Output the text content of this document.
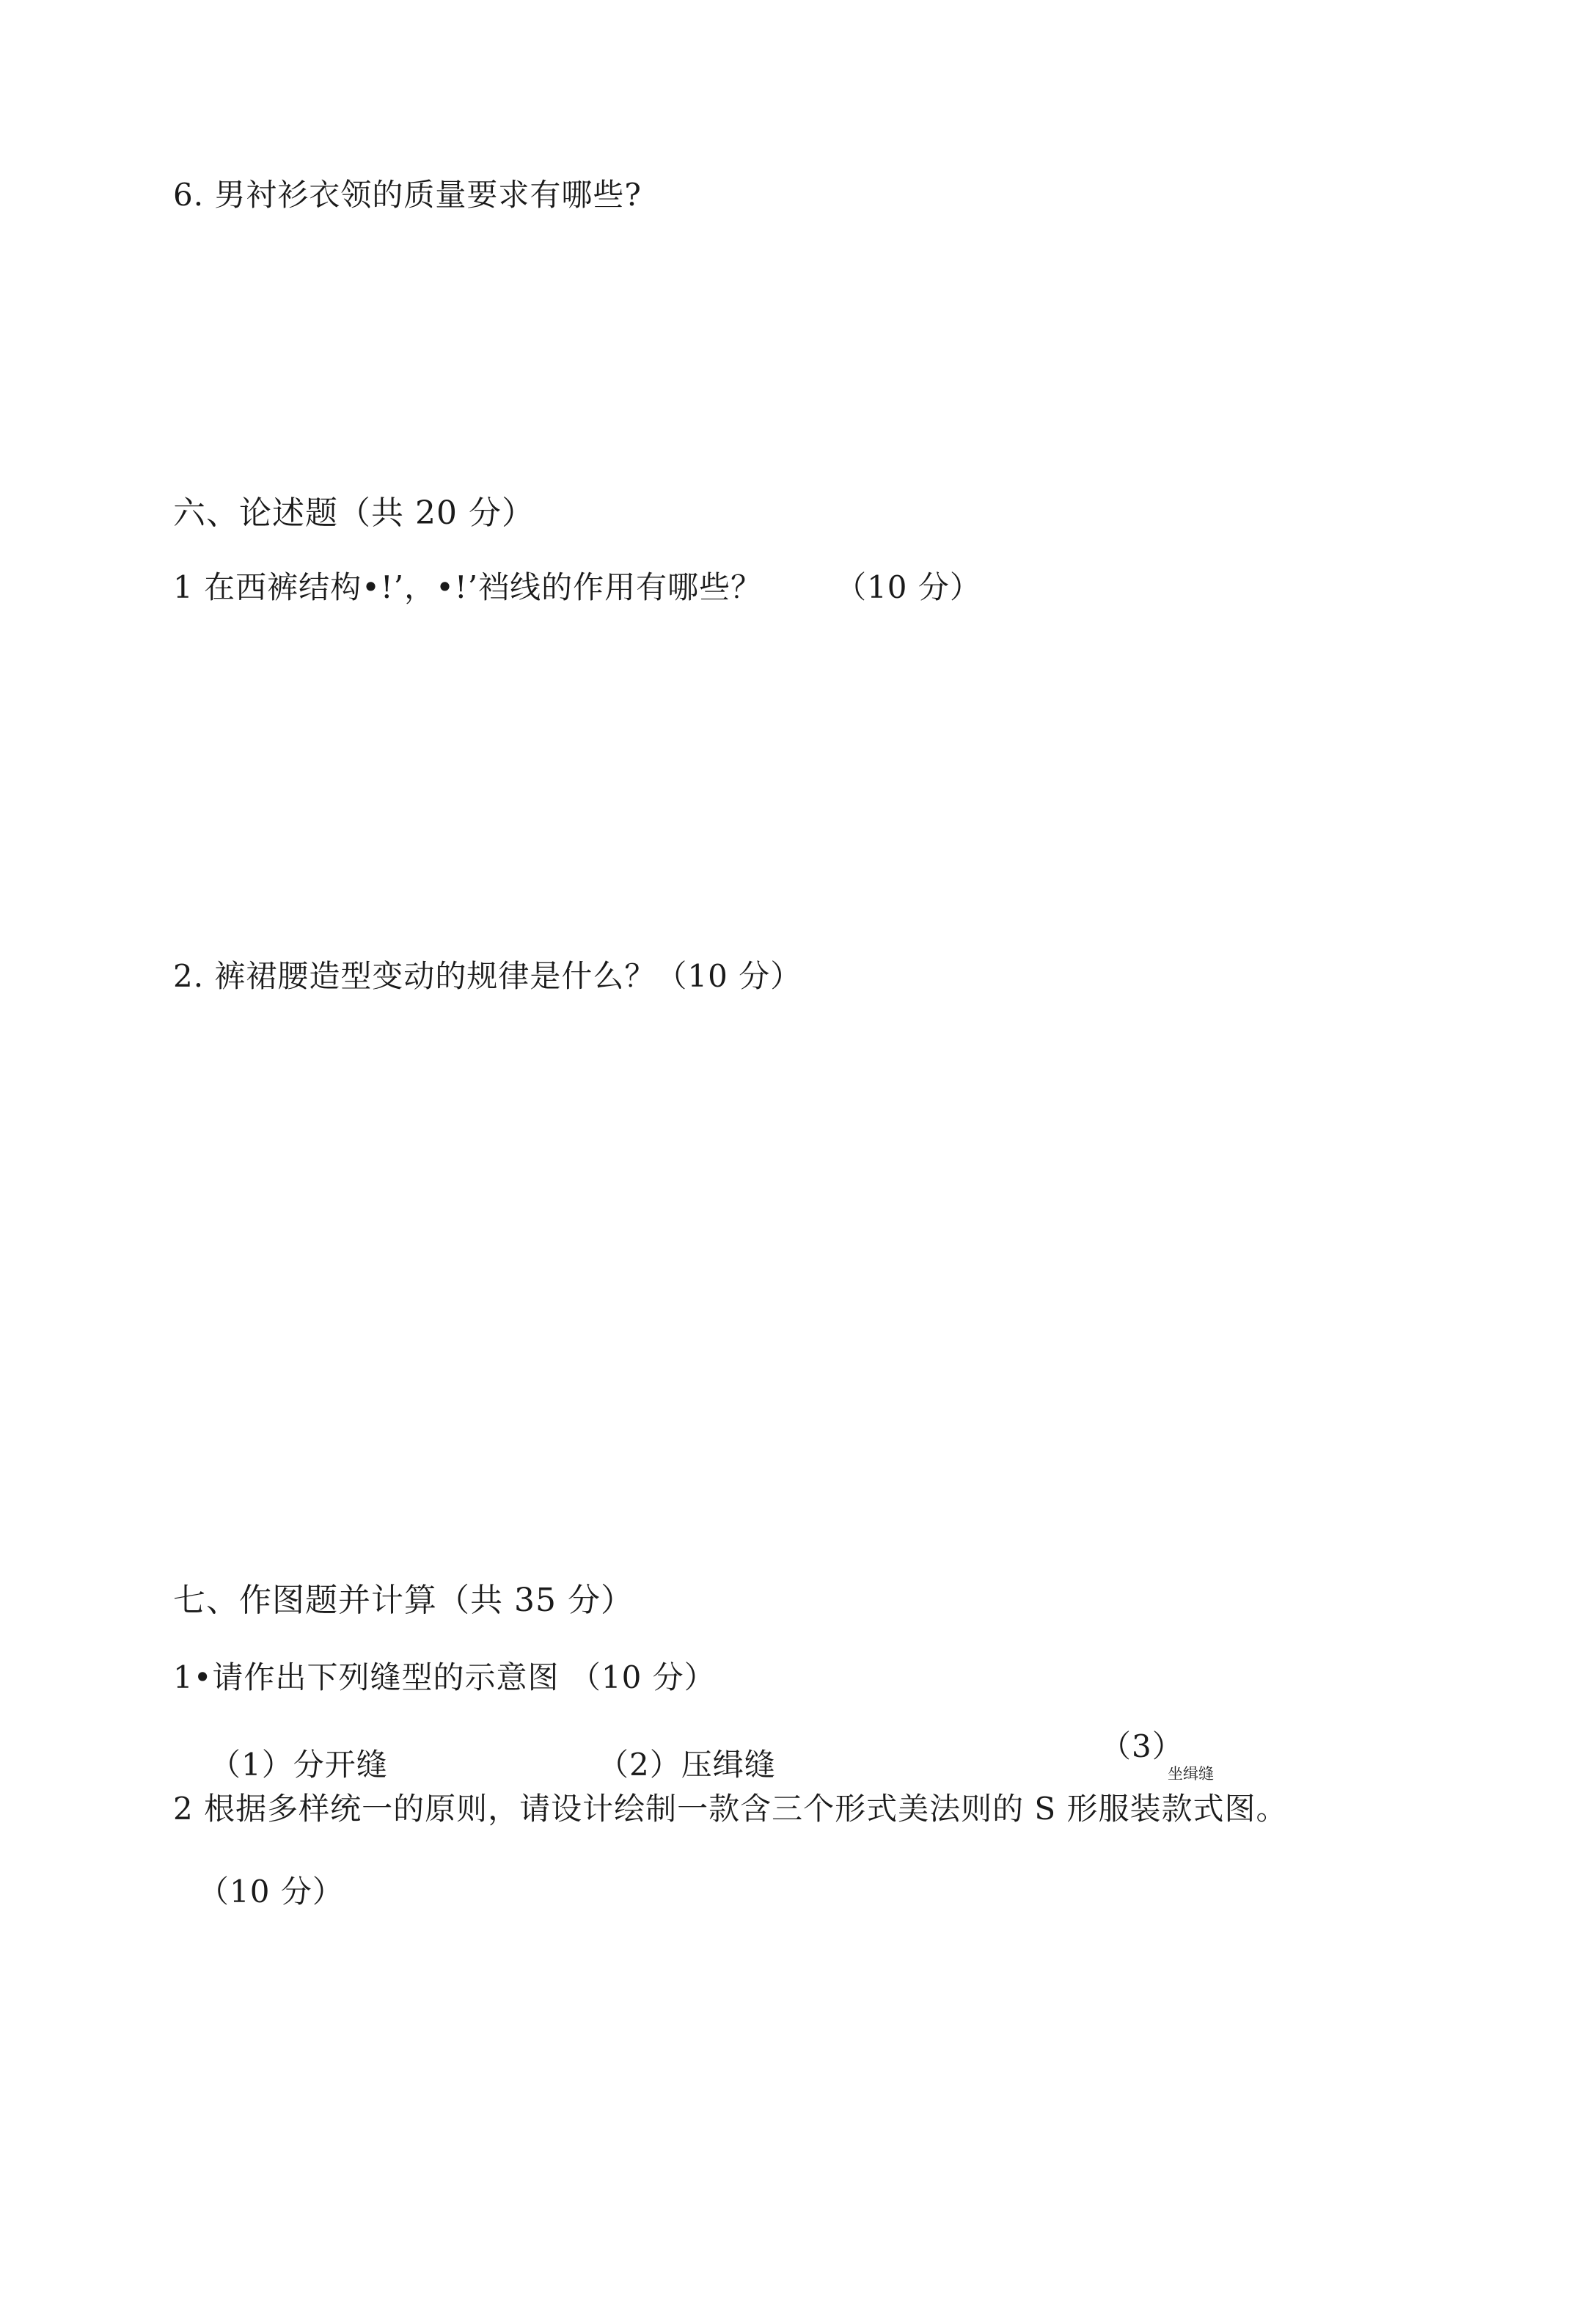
6. 男衬衫衣领的质量要求有哪些?
六、论述题（共 20 分）
1 在西裤结构•!’，•!’裆线的作用有哪些？ （10 分）
2. 裤裙腰造型变动的规律是什么？（10 分）
七、作图题并计算（共 35 分）
1•请作出下列缝型的示意图 （10 分）
（1）分开缝	（2）压缉缝
（3）
坐缉缝
2 根据多样统一的原则，请设计绘制一款含三个形式美法则的 S 形服装款式图。
（10 分）
